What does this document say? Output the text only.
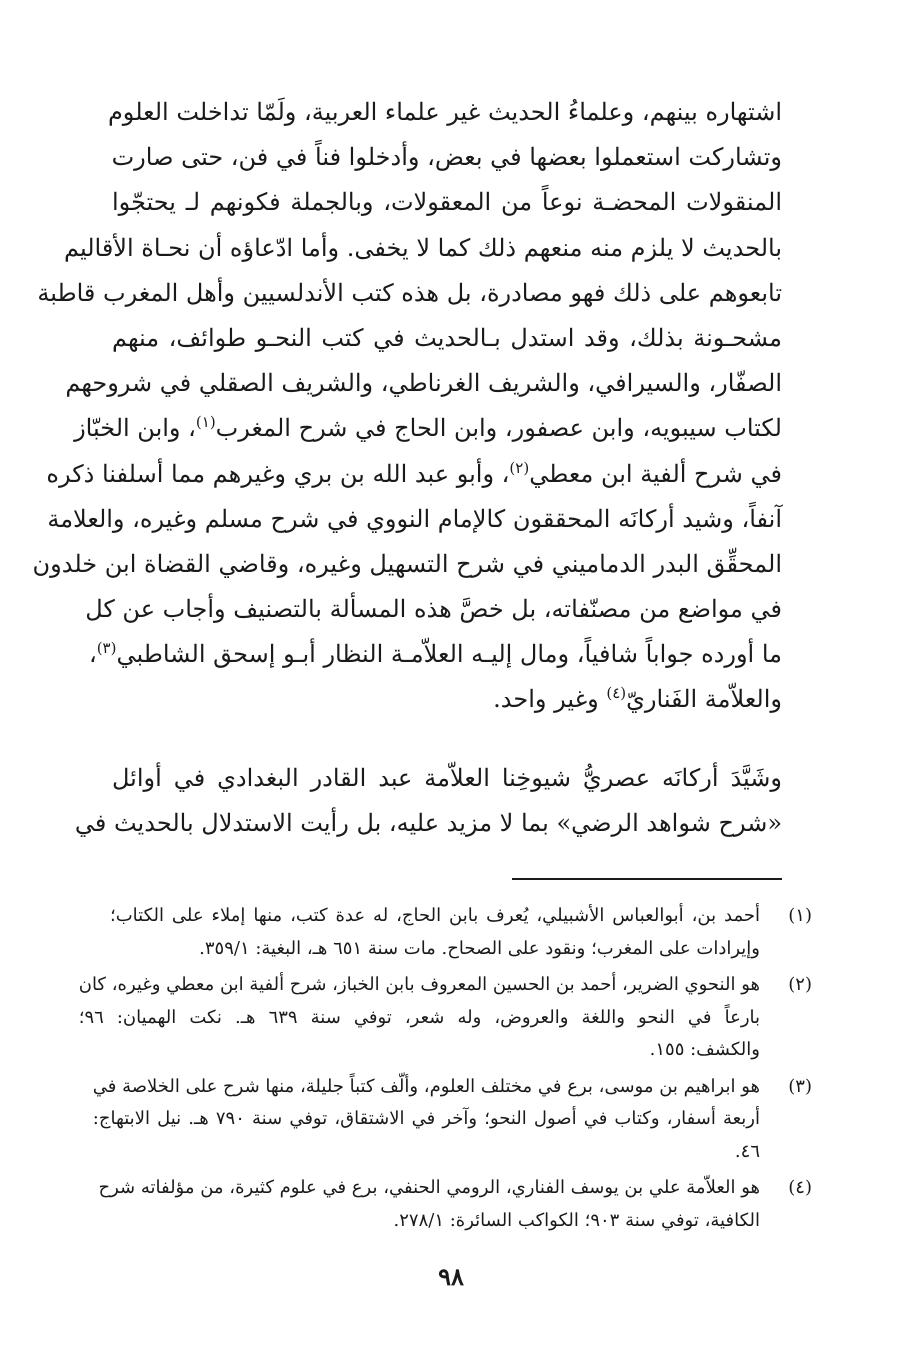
اشتهاره بينهم، وعلماءُ الحديث غير علماء العربية، ولَمّا تداخلت العلوم
وتشاركت استعملوا بعضها في بعض، وأدخلوا فناً في فن، حتى صارت
المنقولات المحضـة نوعاً من المعقولات، وبالجملة فكونهم لـ يحتجّوا
بالحديث لا يلزم منه منعهم ذلك كما لا يخفى. وأما ادّعاؤه أن نحـاة الأقاليم
تابعوهم على ذلك فهو مصادرة، بل هذه كتب الأندلسيين وأهل المغرب قاطبة
مشحـونة بذلك، وقد استدل بـالحديث في كتب النحـو طوائف، منهم
الصفّار، والسيرافي، والشريف الغرناطي، والشريف الصقلي في شروحهم
لكتاب سيبويه، وابن عصفور، وابن الحاج في شرح المغرب$^{(١)}$، وابن الخبّاز
في شرح ألفية ابن معطي$^{(٢)}$، وأبو عبد الله بن بري وغيرهم مما أسلفنا ذكره
آنفاً، وشيد أركانَه المحققون كالإمام النووي في شرح مسلم وغيره، والعلامة
المحقِّق البدر الدماميني في شرح التسهيل وغيره، وقاضي القضاة ابن خلدون
في مواضع من مصنّفاته، بل خصَّ هذه المسألة بالتصنيف وأجاب عن كل
ما أورده جواباً شافياً، ومال إليـه العلاّمـة النظار أبـو إسحق الشاطبي$^{(٣)}$،
والعلاّمة الفَناريّ$^{(٤)}$ وغير واحد.
وشَيَّدَ أركانَه عصريُّ شيوخِنا العلاّمة عبد القادر البغدادي في أوائل
«شرح شواهد الرضي» بما لا مزيد عليه، بل رأيت الاستدلال بالحديث في
(١)
أحمد بن، أبوالعباس الأشبيلي، يُعرف بابن الحاج، له عدة كتب، منها إملاء على الكتاب؛
وإيرادات على المغرب؛ ونقود على الصحاح. مات سنة ٦٥١ هـ، البغية: ٣٥٩/١.
(٢)
هو النحوي الضرير، أحمد بن الحسين المعروف بابن الخباز، شرح ألفية ابن معطي وغيره، كان
بارعاً في النحو واللغة والعروض، وله شعر، توفي سنة ٦٣٩ هـ. نكت الهميان: ٩٦؛
والكشف: ١٥٥.
(٣)
هو ابراهيم بن موسى، برع في مختلف العلوم، وألّف كتباً جليلة، منها شرح على الخلاصة في
أربعة أسفار، وكتاب في أصول النحو؛ وآخر في الاشتقاق، توفي سنة ٧٩٠ هـ. نيل الابتهاج:
٤٦.
(٤)
هو العلاّمة علي بن يوسف الفناري، الرومي الحنفي، برع في علوم كثيرة، من مؤلفاته شرح
الكافية، توفي سنة ٩٠٣؛ الكواكب السائرة: ٢٧٨/١.
٩٨
